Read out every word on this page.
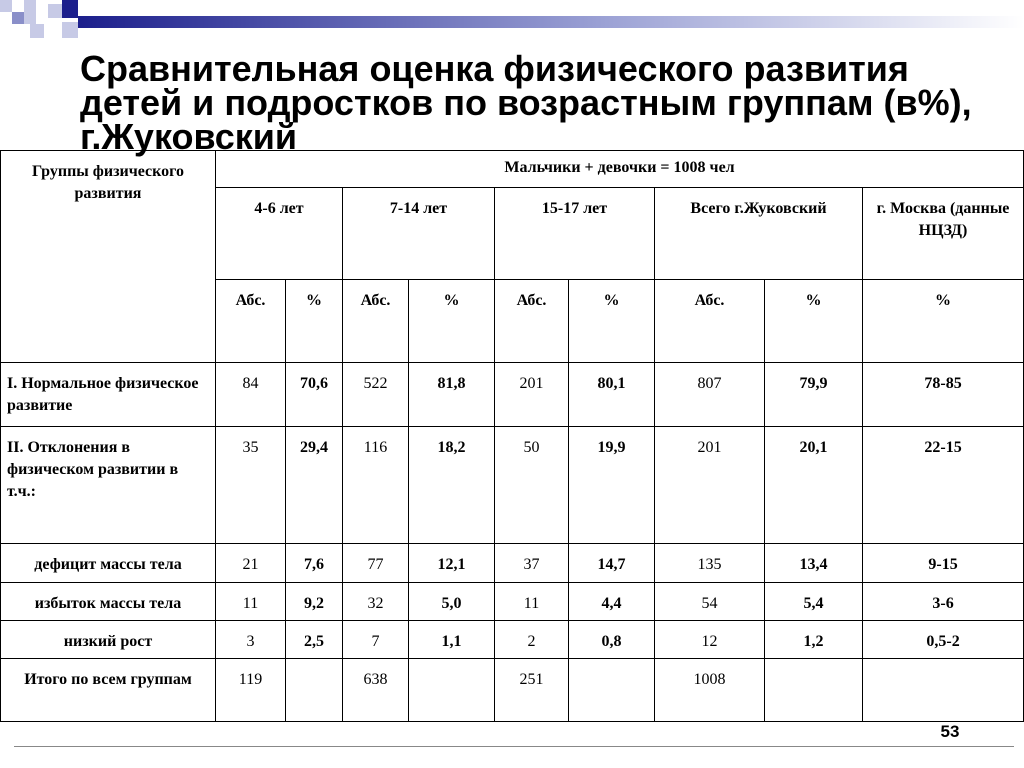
Сравнительная оценка физического развития детей и подростков по возрастным группам (в%), г.Жуковский
Группы физического развития	Мальчики + девочки = 1008 чел								
	4-6 лет		7-14 лет		15-17 лет		Всего г.Жуковский		г. Москва (данные НЦЗД)
	Абс.	%	Абс.	%	Абс.	%	Абс.	%	%
I. Нормальное физическое развитие	84	70,6	522	81,8	201	80,1	807	79,9	78-85
II. Отклонения в физическом развитии в т.ч.:	35	29,4	116	18,2	50	19,9	201	20,1	22-15
дефицит массы тела	21	7,6	77	12,1	37	14,7	135	13,4	9-15
избыток массы тела	11	9,2	32	5,0	11	4,4	54	5,4	3-6
низкий рост	3	2,5	7	1,1	2	0,8	12	1,2	0,5-2
Итого по всем группам	119		638		251		1008		
53
